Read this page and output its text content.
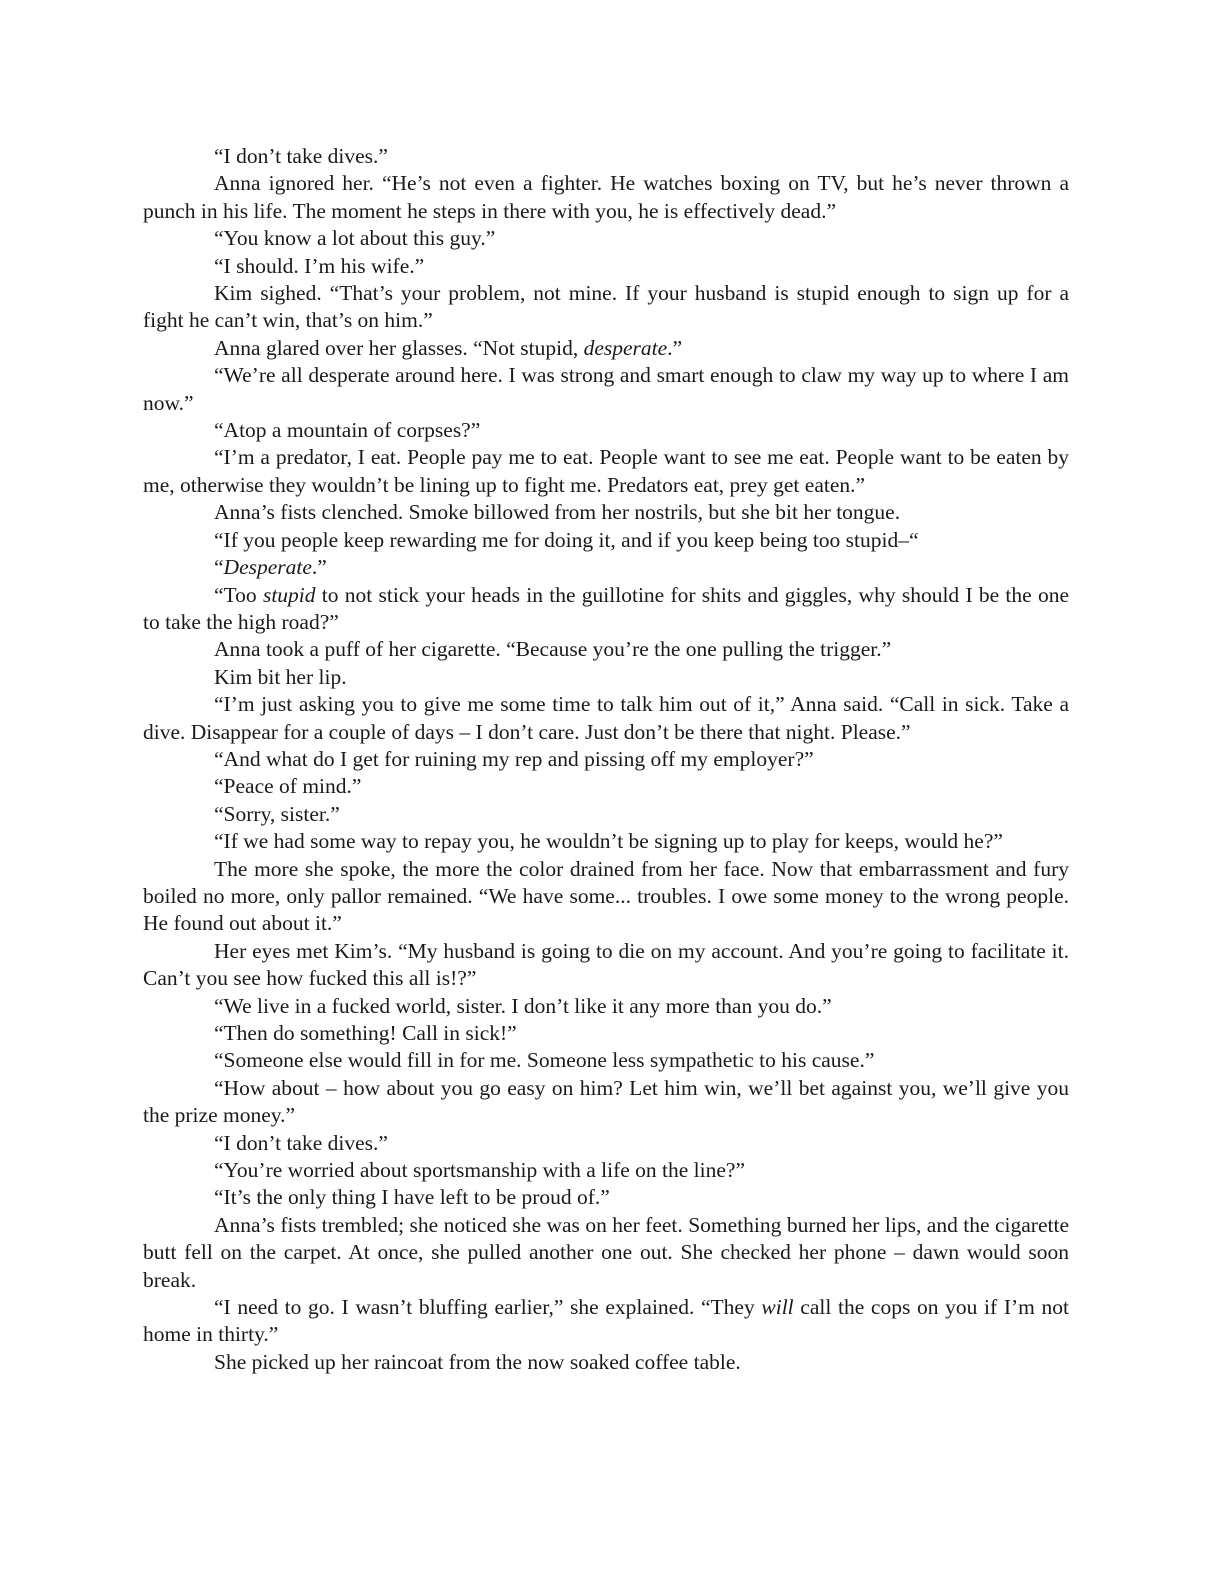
“I don’t take dives.”

Anna ignored her. “He’s not even a fighter. He watches boxing on TV, but he’s never thrown a punch in his life. The moment he steps in there with you, he is effectively dead.”

“You know a lot about this guy.”

“I should. I’m his wife.”

Kim sighed. “That’s your problem, not mine. If your husband is stupid enough to sign up for a fight he can’t win, that’s on him.”

Anna glared over her glasses. “Not stupid, desperate.”

“We’re all desperate around here. I was strong and smart enough to claw my way up to where I am now.”

“Atop a mountain of corpses?”

“I’m a predator, I eat. People pay me to eat. People want to see me eat. People want to be eaten by me, otherwise they wouldn’t be lining up to fight me. Predators eat, prey get eaten.”

Anna’s fists clenched. Smoke billowed from her nostrils, but she bit her tongue.

“If you people keep rewarding me for doing it, and if you keep being too stupid–“

“Desperate.”

“Too stupid to not stick your heads in the guillotine for shits and giggles, why should I be the one to take the high road?”

Anna took a puff of her cigarette. “Because you’re the one pulling the trigger.”

Kim bit her lip.

“I’m just asking you to give me some time to talk him out of it,” Anna said. “Call in sick. Take a dive. Disappear for a couple of days – I don’t care. Just don’t be there that night. Please.”

“And what do I get for ruining my rep and pissing off my employer?”

“Peace of mind.”

“Sorry, sister.”

“If we had some way to repay you, he wouldn’t be signing up to play for keeps, would he?”

The more she spoke, the more the color drained from her face. Now that embarrassment and fury boiled no more, only pallor remained. “We have some... troubles. I owe some money to the wrong people. He found out about it.”

Her eyes met Kim’s. “My husband is going to die on my account. And you’re going to facilitate it. Can’t you see how fucked this all is!?”

“We live in a fucked world, sister. I don’t like it any more than you do.”

“Then do something! Call in sick!”

“Someone else would fill in for me. Someone less sympathetic to his cause.”

“How about – how about you go easy on him? Let him win, we’ll bet against you, we’ll give you the prize money.”

“I don’t take dives.”

“You’re worried about sportsmanship with a life on the line?”

“It’s the only thing I have left to be proud of.”

Anna’s fists trembled; she noticed she was on her feet. Something burned her lips, and the cigarette butt fell on the carpet. At once, she pulled another one out. She checked her phone – dawn would soon break.

“I need to go. I wasn’t bluffing earlier,” she explained. “They will call the cops on you if I’m not home in thirty.”

She picked up her raincoat from the now soaked coffee table.
